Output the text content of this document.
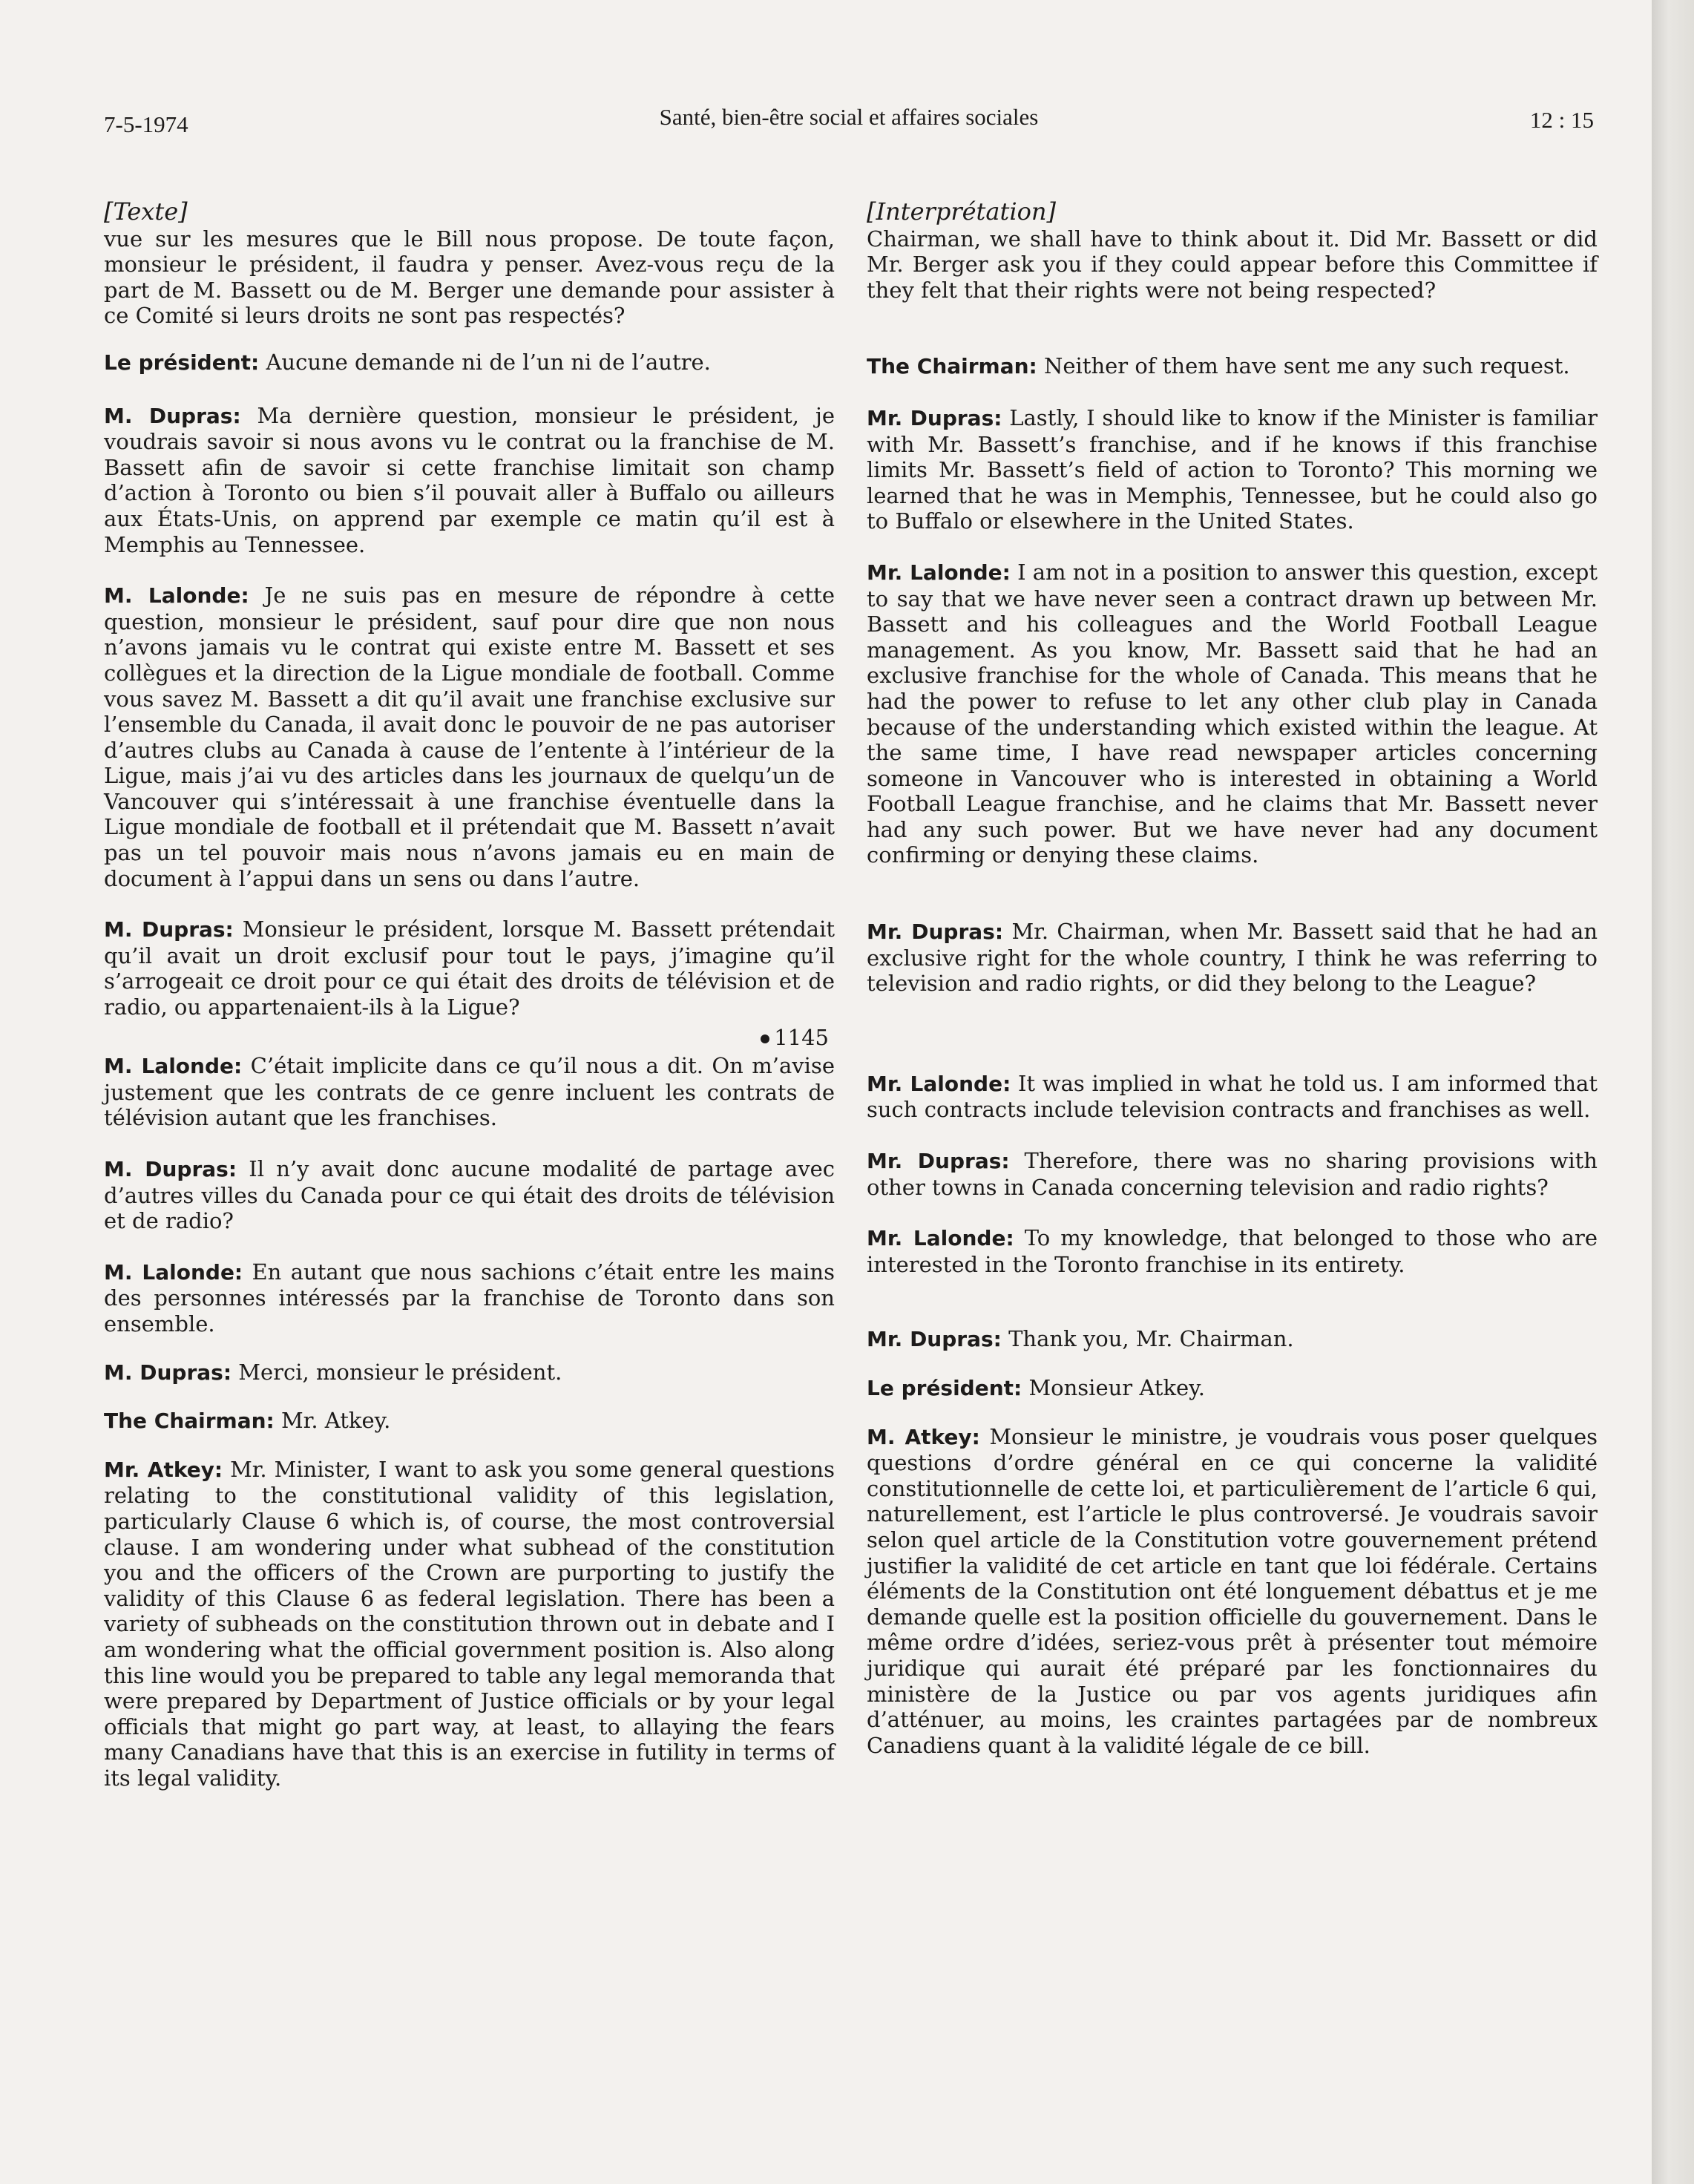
7-5-1974	Santé, bien-être social et affaires sociales	12 : 15
[Texte]

vue sur les mesures que le Bill nous propose. De toute façon, monsieur le président, il faudra y penser. Avez-vous reçu de la part de M. Bassett ou de M. Berger une demande pour assister à ce Comité si leurs droits ne sont pas respectés?

Le président: Aucune demande ni de l’un ni de l’autre.

M. Dupras: Ma dernière question, monsieur le président, je voudrais savoir si nous avons vu le contrat ou la franchise de M. Bassett afin de savoir si cette franchise limitait son champ d’action à Toronto ou bien s’il pouvait aller à Buffalo ou ailleurs aux États-Unis, on apprend par exemple ce matin qu’il est à Memphis au Tennessee.

M. Lalonde: Je ne suis pas en mesure de répondre à cette question, monsieur le président, sauf pour dire que non nous n’avons jamais vu le contrat qui existe entre M. Bassett et ses collègues et la direction de la Ligue mondiale de football. Comme vous savez M. Bassett a dit qu’il avait une franchise exclusive sur l’ensemble du Canada, il avait donc le pouvoir de ne pas autoriser d’autres clubs au Canada à cause de l’entente à l’intérieur de la Ligue, mais j’ai vu des articles dans les journaux de quelqu’un de Vancouver qui s’intéressait à une franchise éventuelle dans la Ligue mondiale de football et il prétendait que M. Bassett n’avait pas un tel pouvoir mais nous n’avons jamais eu en main de document à l’appui dans un sens ou dans l’autre.

M. Dupras: Monsieur le président, lorsque M. Bassett prétendait qu’il avait un droit exclusif pour tout le pays, j’imagine qu’il s’arrogeait ce droit pour ce qui était des droits de télévision et de radio, ou appartenaient-ils à la Ligue?

1145

M. Lalonde: C’était implicite dans ce qu’il nous a dit. On m’avise justement que les contrats de ce genre incluent les contrats de télévision autant que les franchises.

M. Dupras: Il n’y avait donc aucune modalité de partage avec d’autres villes du Canada pour ce qui était des droits de télévision et de radio?

M. Lalonde: En autant que nous sachions c’était entre les mains des personnes intéressés par la franchise de Toronto dans son ensemble.

M. Dupras: Merci, monsieur le président.

The Chairman: Mr. Atkey.

Mr. Atkey: Mr. Minister, I want to ask you some general questions relating to the constitutional validity of this legislation, particularly Clause 6 which is, of course, the most controversial clause. I am wondering under what subhead of the constitution you and the officers of the Crown are purporting to justify the validity of this Clause 6 as federal legislation. There has been a variety of subheads on the constitution thrown out in debate and I am wondering what the official government position is. Also along this line would you be prepared to table any legal memoranda that were prepared by Department of Justice officials or by your legal officials that might go part way, at least, to allaying the fears many Canadians have that this is an exercise in futility in terms of its legal validity.

[Interprétation]

Chairman, we shall have to think about it. Did Mr. Bassett or did Mr. Berger ask you if they could appear before this Committee if they felt that their rights were not being respected?

The Chairman: Neither of them have sent me any such request.

Mr. Dupras: Lastly, I should like to know if the Minister is familiar with Mr. Bassett’s franchise, and if he knows if this franchise limits Mr. Bassett’s field of action to Toronto? This morning we learned that he was in Memphis, Tennessee, but he could also go to Buffalo or elsewhere in the United States.

Mr. Lalonde: I am not in a position to answer this question, except to say that we have never seen a contract drawn up between Mr. Bassett and his colleagues and the World Football League management. As you know, Mr. Bassett said that he had an exclusive franchise for the whole of Canada. This means that he had the power to refuse to let any other club play in Canada because of the understanding which existed within the league. At the same time, I have read newspaper articles concerning someone in Vancouver who is interested in obtaining a World Football League franchise, and he claims that Mr. Bassett never had any such power. But we have never had any document confirming or denying these claims.

Mr. Dupras: Mr. Chairman, when Mr. Bassett said that he had an exclusive right for the whole country, I think he was referring to television and radio rights, or did they belong to the League?

Mr. Lalonde: It was implied in what he told us. I am informed that such contracts include television contracts and franchises as well.

Mr. Dupras: Therefore, there was no sharing provisions with other towns in Canada concerning television and radio rights?

Mr. Lalonde: To my knowledge, that belonged to those who are interested in the Toronto franchise in its entirety.

Mr. Dupras: Thank you, Mr. Chairman.

Le président: Monsieur Atkey.

M. Atkey: Monsieur le ministre, je voudrais vous poser quelques questions d’ordre général en ce qui concerne la validité constitutionnelle de cette loi, et particulièrement de l’article 6 qui, naturellement, est l’article le plus controversé. Je voudrais savoir selon quel article de la Constitution votre gouvernement prétend justifier la validité de cet article en tant que loi fédérale. Certains éléments de la Constitution ont été longuement débattus et je me demande quelle est la position officielle du gouvernement. Dans le même ordre d’idées, seriez-vous prêt à présenter tout mémoire juridique qui aurait été préparé par les fonctionnaires du ministère de la Justice ou par vos agents juridiques afin d’atténuer, au moins, les craintes partagées par de nombreux Canadiens quant à la validité légale de ce bill.
